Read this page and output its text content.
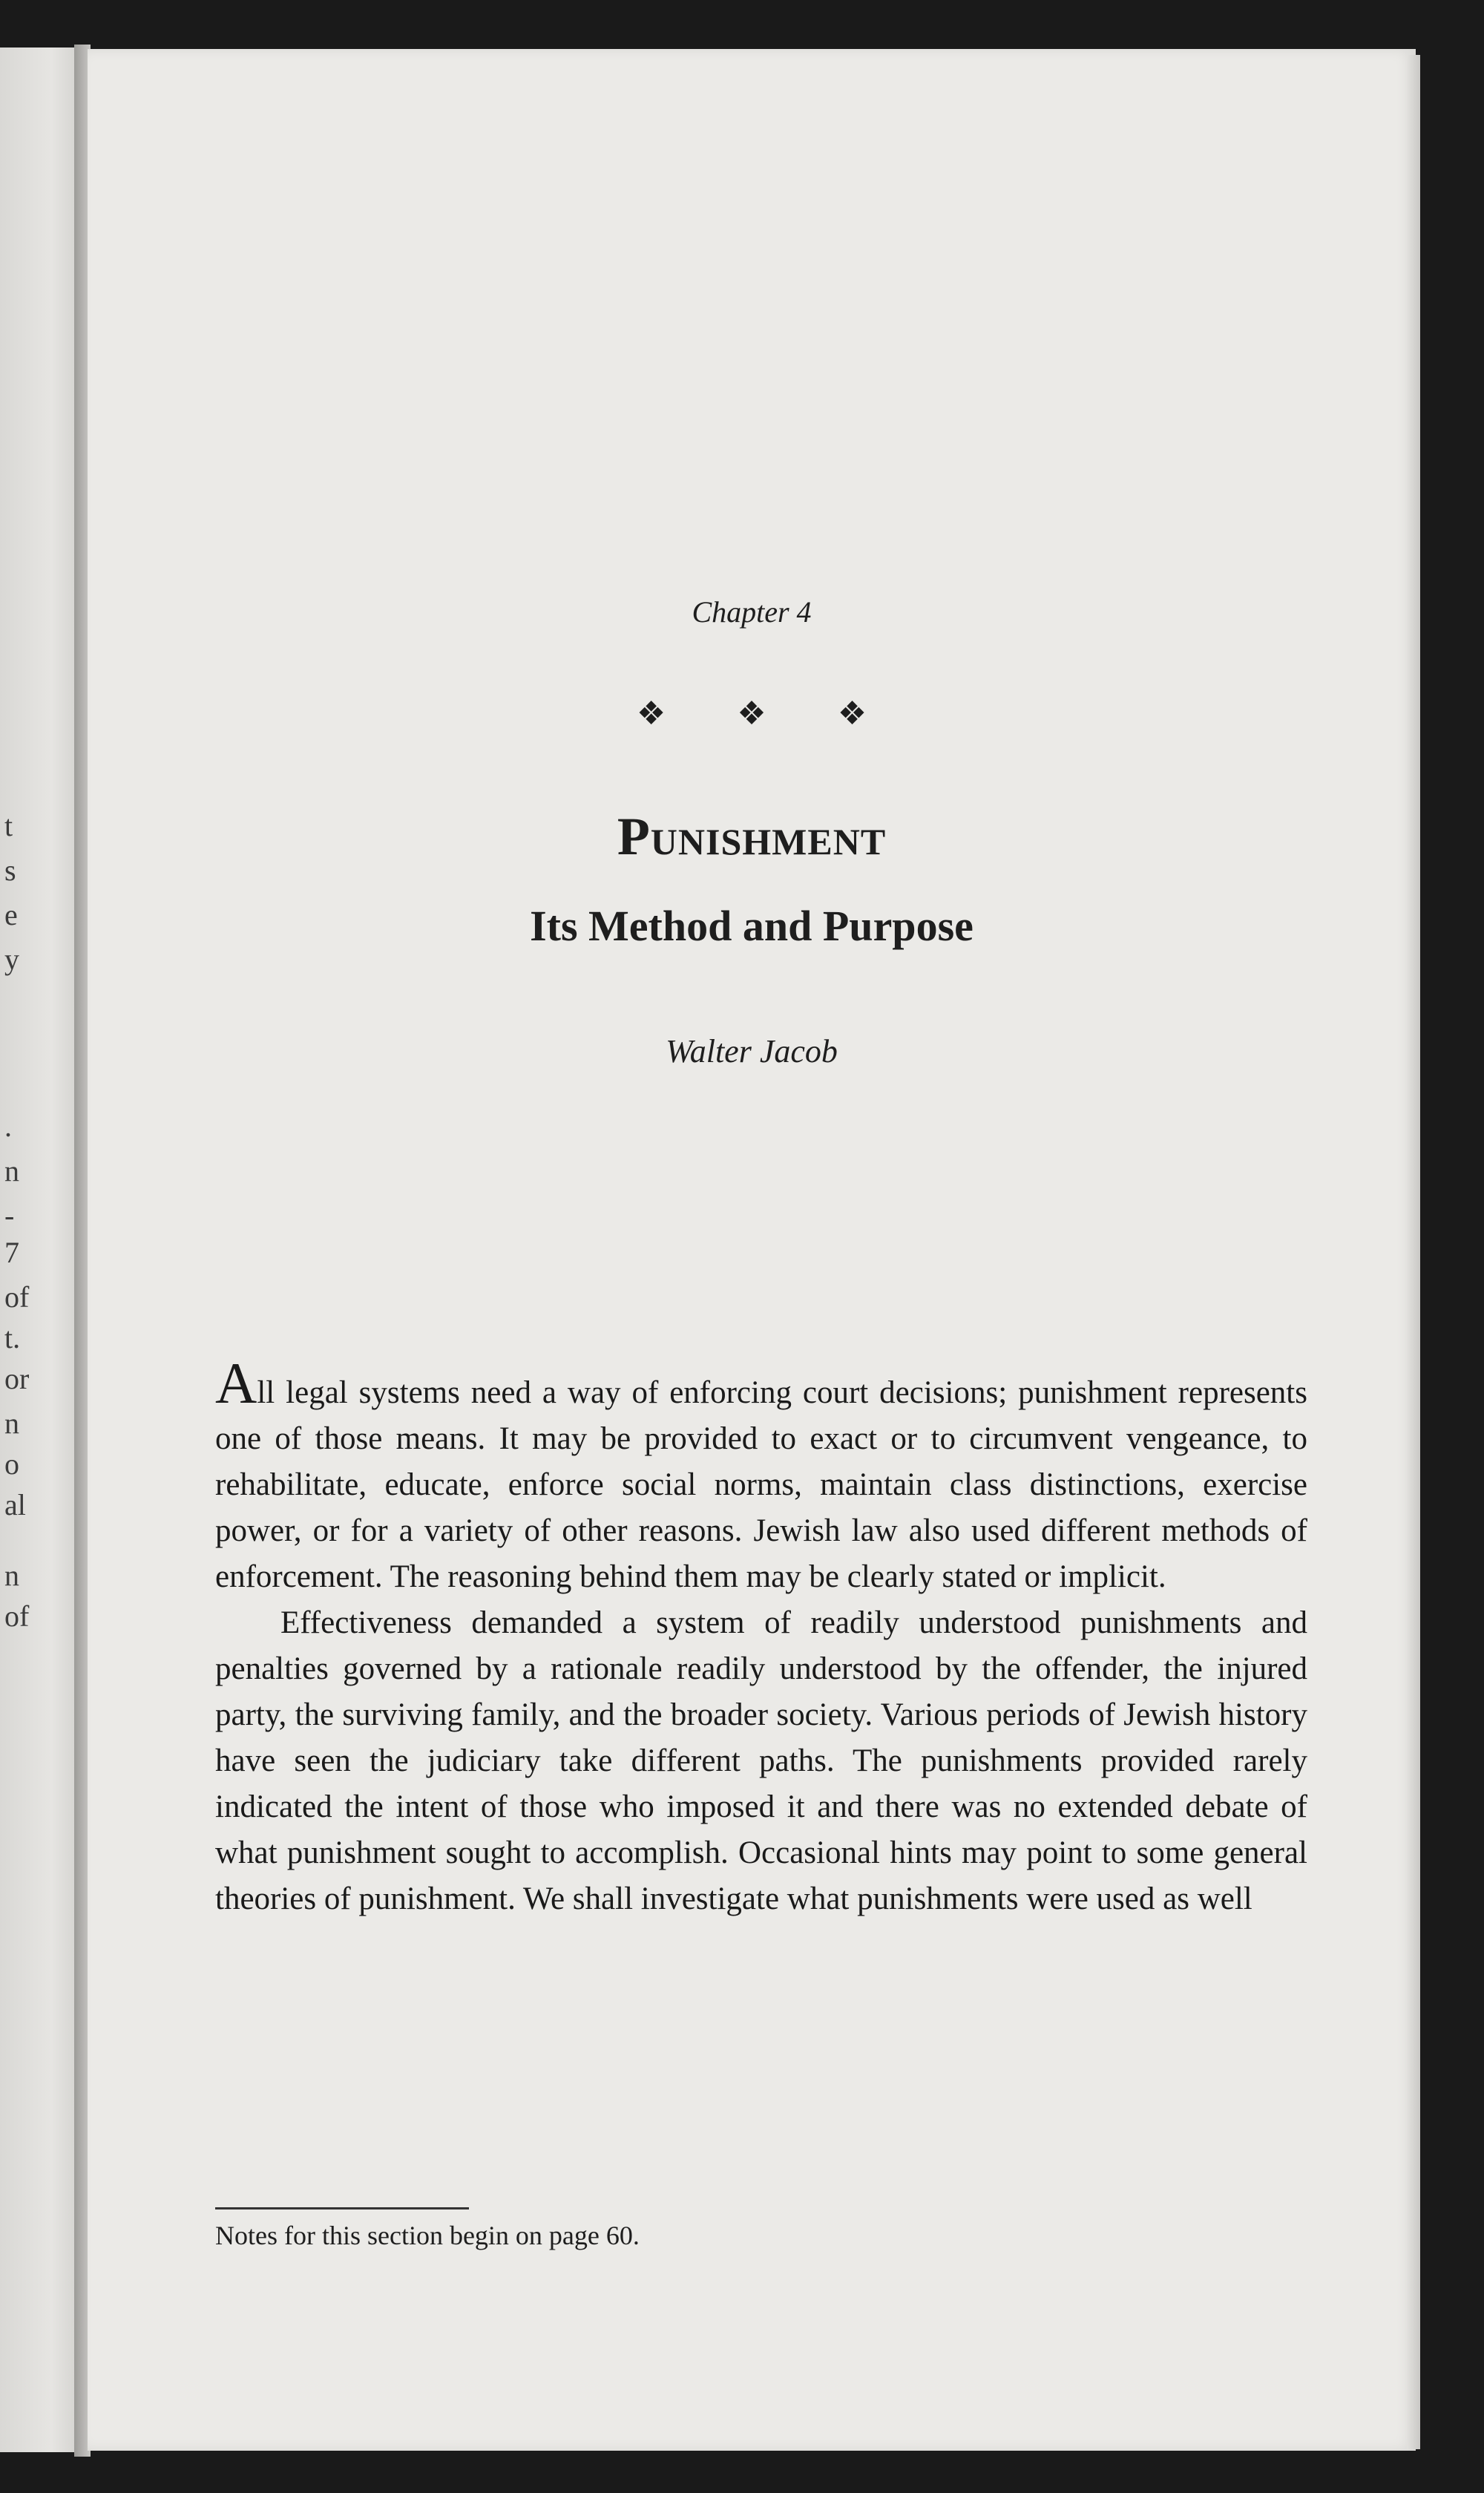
t
s
e
y
.
n
-
7
of
t.
or
n
o
al
n
of
Chapter 4
❖❖❖
Punishment
Its Method and Purpose
Walter Jacob

All legal systems need a way of enforcing court decisions; punishment represents one of those means. It may be provided to exact or to circumvent vengeance, to rehabilitate, educate, enforce social norms, maintain class distinctions, exercise power, or for a variety of other reasons. Jewish law also used different methods of enforcement. The reasoning behind them may be clearly stated or implicit.

Effectiveness demanded a system of readily understood punishments and penalties governed by a rationale readily understood by the offender, the injured party, the surviving family, and the broader society. Various periods of Jewish history have seen the judiciary take different paths. The punishments provided rarely indicated the intent of those who imposed it and there was no extended debate of what punishment sought to accomplish. Occasional hints may point to some general theories of punishment. We shall investigate what punishments were used as well

Notes for this section begin on page 60.
